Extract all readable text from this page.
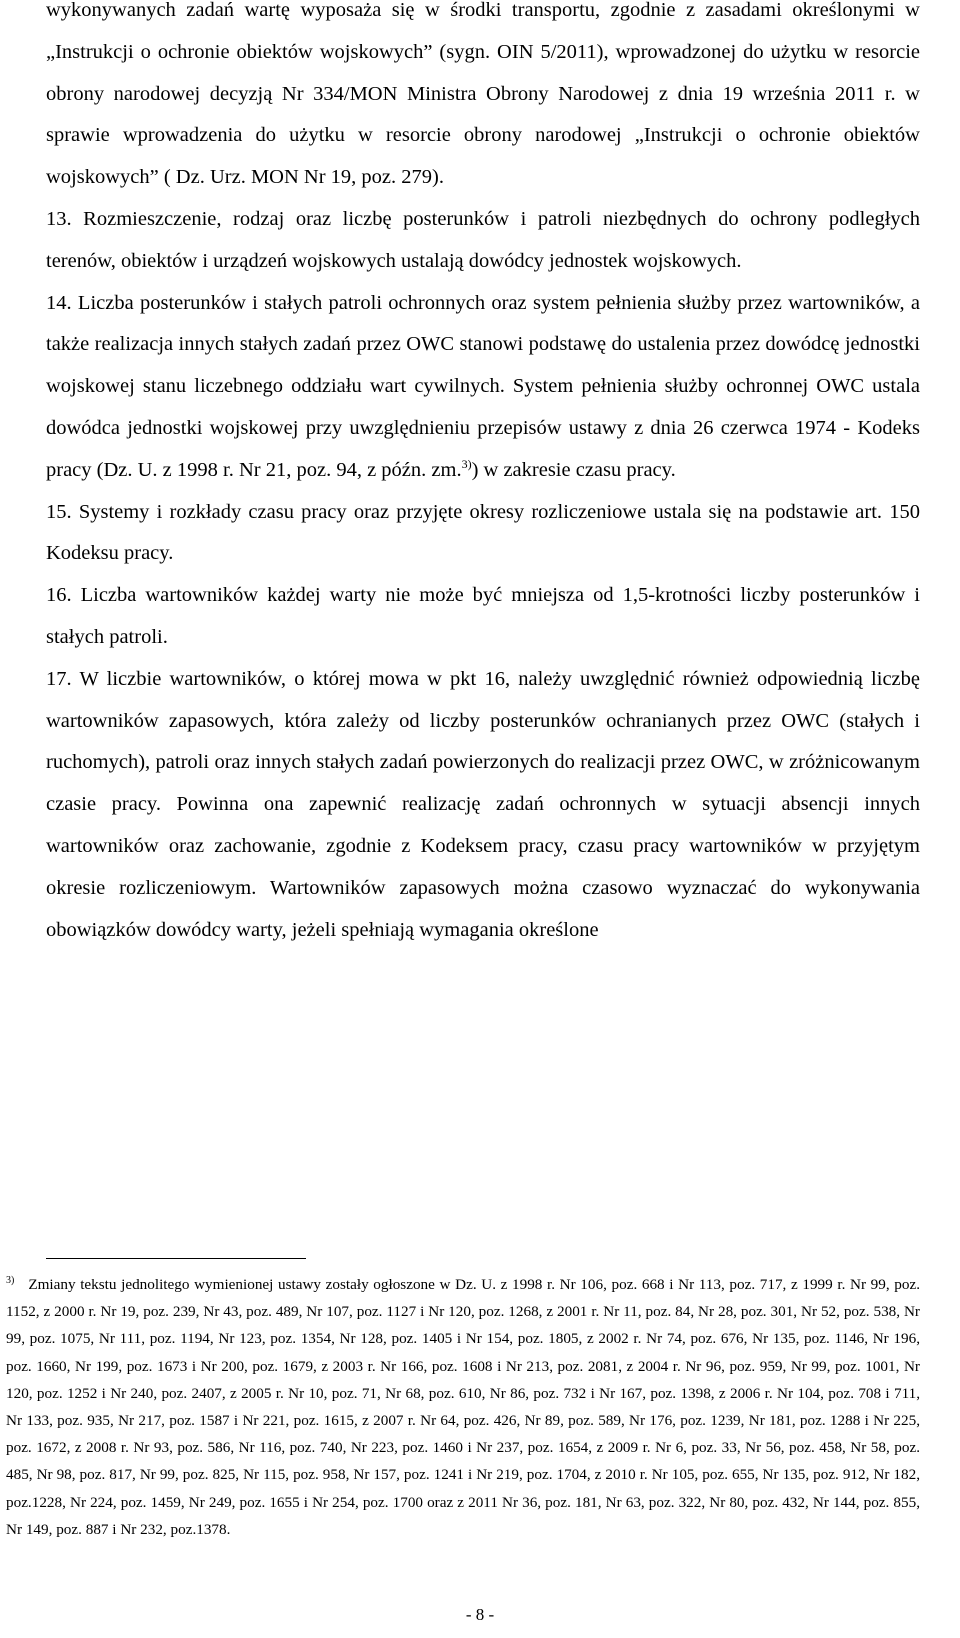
wykonywanych zadań wartę wyposaża się w środki transportu, zgodnie z zasadami określonymi w „Instrukcji o ochronie obiektów wojskowych” (sygn. OIN 5/2011), wprowadzonej do użytku w resorcie obrony narodowej decyzją Nr 334/MON Ministra Obrony Narodowej z dnia 19 września 2011 r. w sprawie wprowadzenia do użytku w resorcie obrony narodowej „Instrukcji o ochronie obiektów wojskowych” ( Dz. Urz. MON Nr 19, poz. 279).

13. Rozmieszczenie, rodzaj oraz liczbę posterunków i patroli niezbędnych do ochrony podległych terenów, obiektów i urządzeń wojskowych ustalają dowódcy jednostek wojskowych.

14. Liczba posterunków i stałych patroli ochronnych oraz system pełnienia służby przez wartowników, a także realizacja innych stałych zadań przez OWC stanowi podstawę do ustalenia przez dowódcę jednostki wojskowej stanu liczebnego oddziału wart cywilnych. System pełnienia służby ochronnej OWC ustala dowódca jednostki wojskowej przy uwzględnieniu przepisów ustawy z dnia 26 czerwca 1974 - Kodeks pracy (Dz. U. z 1998 r. Nr 21, poz. 94, z późn. zm.$^{3)}$) w zakresie czasu pracy.

15. Systemy i rozkłady czasu pracy oraz przyjęte okresy rozliczeniowe ustala się na podstawie art. 150 Kodeksu pracy.

16. Liczba wartowników każdej warty nie może być mniejsza od 1,5-krotności liczby posterunków i stałych patroli.

17. W liczbie wartowników, o której mowa w pkt 16, należy uwzględnić również odpowiednią liczbę wartowników zapasowych, która zależy od liczby posterunków ochranianych przez OWC (stałych i ruchomych), patroli oraz innych stałych zadań powierzonych do realizacji przez OWC, w zróżnicowanym czasie pracy. Powinna ona zapewnić realizację zadań ochronnych w sytuacji absencji innych wartowników oraz zachowanie, zgodnie z Kodeksem pracy, czasu pracy wartowników w przyjętym okresie rozliczeniowym. Wartowników zapasowych można czasowo wyznaczać do wykonywania obowiązków dowódcy warty, jeżeli spełniają wymagania określone

$^{3)}$ Zmiany tekstu jednolitego wymienionej ustawy zostały ogłoszone w Dz. U. z 1998 r. Nr 106, poz. 668 i Nr 113, poz. 717, z 1999 r. Nr 99, poz. 1152, z 2000 r. Nr 19, poz. 239, Nr 43, poz. 489, Nr 107, poz. 1127 i Nr 120, poz. 1268, z 2001 r. Nr 11, poz. 84, Nr 28, poz. 301, Nr 52, poz. 538, Nr 99, poz. 1075, Nr 111, poz. 1194, Nr 123, poz. 1354, Nr 128, poz. 1405 i Nr 154, poz. 1805, z 2002 r. Nr 74, poz. 676, Nr 135, poz. 1146, Nr 196, poz. 1660, Nr 199, poz. 1673 i Nr 200, poz. 1679, z 2003 r. Nr 166, poz. 1608 i Nr 213, poz. 2081, z 2004 r. Nr 96, poz. 959, Nr 99, poz. 1001, Nr 120, poz. 1252 i Nr 240, poz. 2407, z 2005 r. Nr 10, poz. 71, Nr 68, poz. 610, Nr 86, poz. 732 i Nr 167, poz. 1398, z 2006 r. Nr 104, poz. 708 i 711, Nr 133, poz. 935, Nr 217, poz. 1587 i Nr 221, poz. 1615, z 2007 r. Nr 64, poz. 426, Nr 89, poz. 589, Nr 176, poz. 1239, Nr 181, poz. 1288 i Nr 225, poz. 1672, z 2008 r. Nr 93, poz. 586, Nr 116, poz. 740, Nr 223, poz. 1460 i Nr 237, poz. 1654, z 2009 r. Nr 6, poz. 33, Nr 56, poz. 458, Nr 58, poz. 485, Nr 98, poz. 817, Nr 99, poz. 825, Nr 115, poz. 958, Nr 157, poz. 1241 i Nr 219, poz. 1704, z 2010 r. Nr 105, poz. 655, Nr 135, poz. 912, Nr 182, poz.1228, Nr 224, poz. 1459, Nr 249, poz. 1655 i Nr 254, poz. 1700 oraz z 2011 Nr 36, poz. 181, Nr 63, poz. 322, Nr 80, poz. 432, Nr 144, poz. 855, Nr 149, poz. 887 i Nr 232, poz.1378.
- 8 -
